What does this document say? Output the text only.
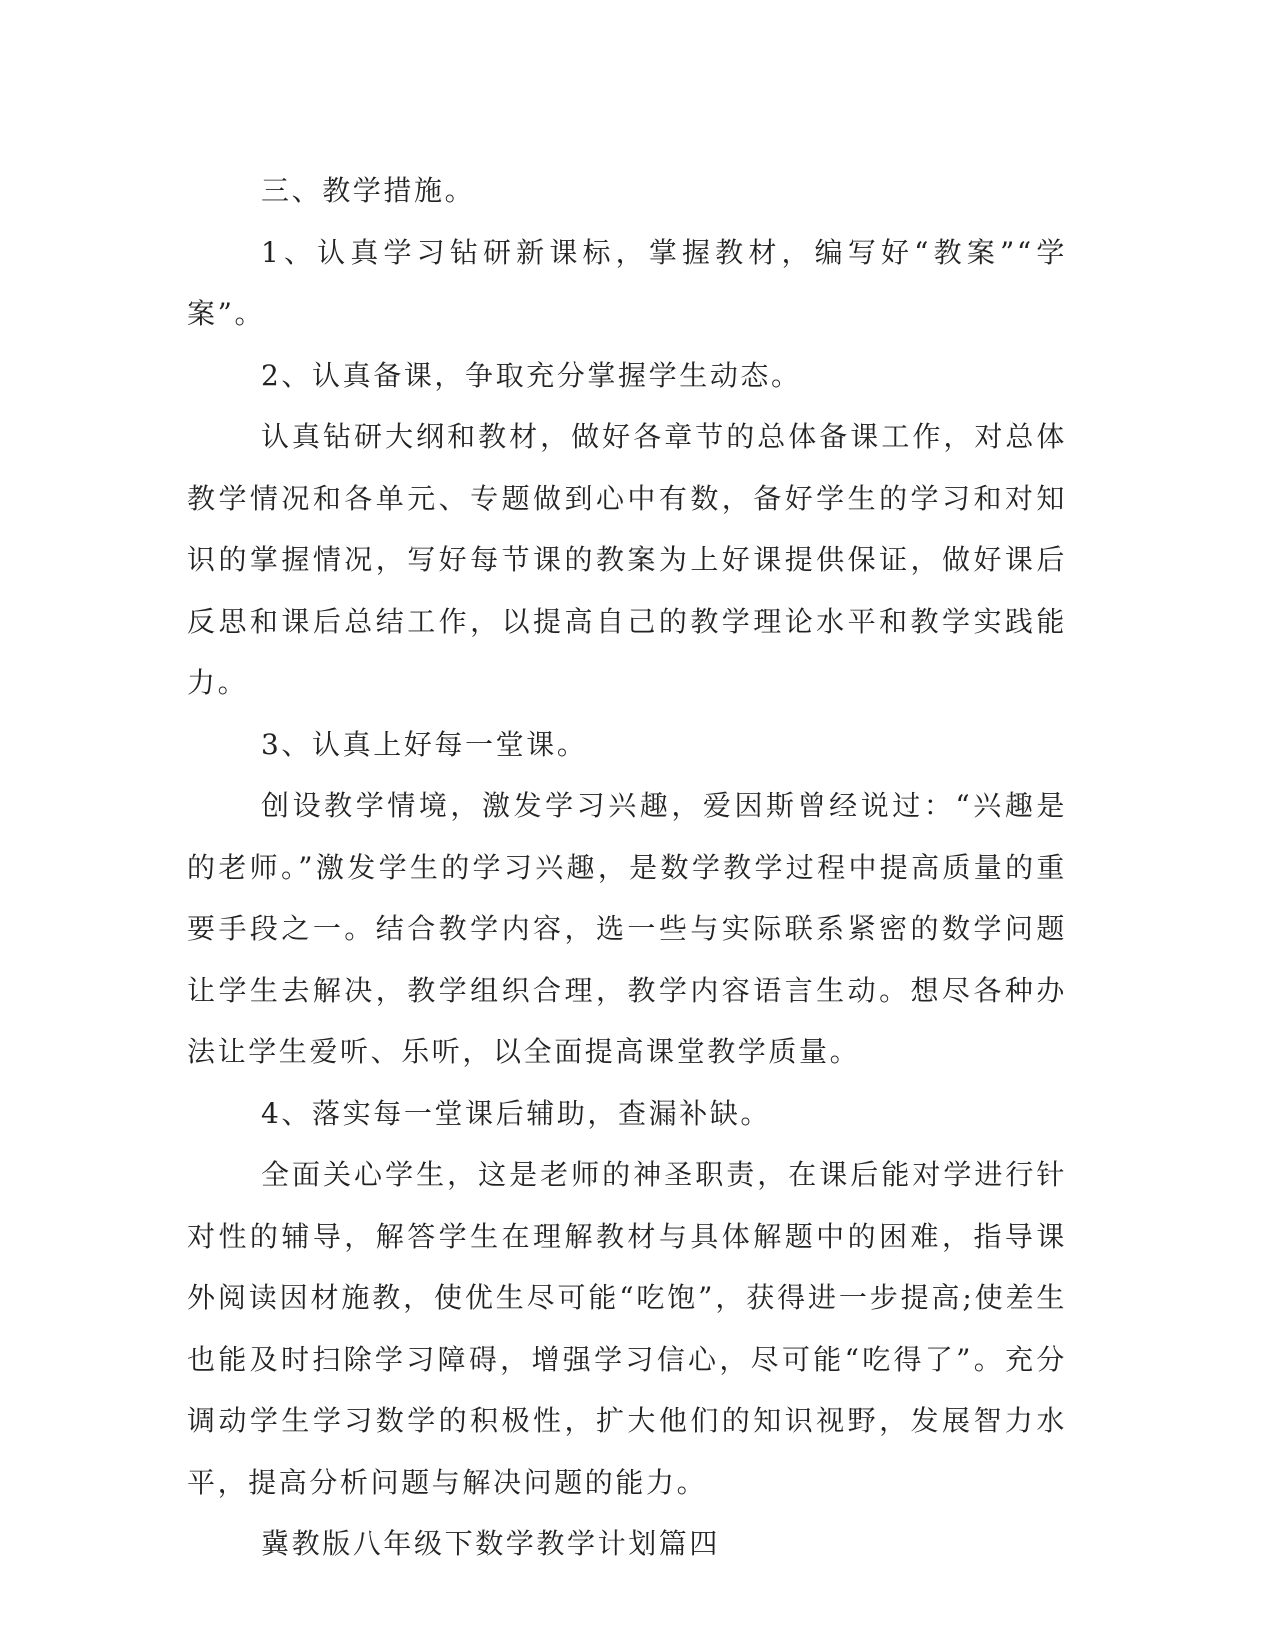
三、教学措施。

1、认真学习钻研新课标，掌握教材，编写好“教案”“学案”。

2、认真备课，争取充分掌握学生动态。

认真钻研大纲和教材，做好各章节的总体备课工作，对总体教学情况和各单元、专题做到心中有数，备好学生的学习和对知识的掌握情况，写好每节课的教案为上好课提供保证，做好课后反思和课后总结工作，以提高自己的教学理论水平和教学实践能力。

3、认真上好每一堂课。

创设教学情境，激发学习兴趣，爱因斯曾经说过：“兴趣是的老师。”激发学生的学习兴趣，是数学教学过程中提高质量的重要手段之一。结合教学内容，选一些与实际联系紧密的数学问题让学生去解决，教学组织合理，教学内容语言生动。想尽各种办法让学生爱听、乐听，以全面提高课堂教学质量。

4、落实每一堂课后辅助，查漏补缺。

全面关心学生，这是老师的神圣职责，在课后能对学进行针对性的辅导，解答学生在理解教材与具体解题中的困难，指导课外阅读因材施教，使优生尽可能“吃饱”，获得进一步提高;使差生也能及时扫除学习障碍，增强学习信心，尽可能“吃得了”。充分调动学生学习数学的积极性，扩大他们的知识视野，发展智力水平，提高分析问题与解决问题的能力。

冀教版八年级下数学教学计划篇四
